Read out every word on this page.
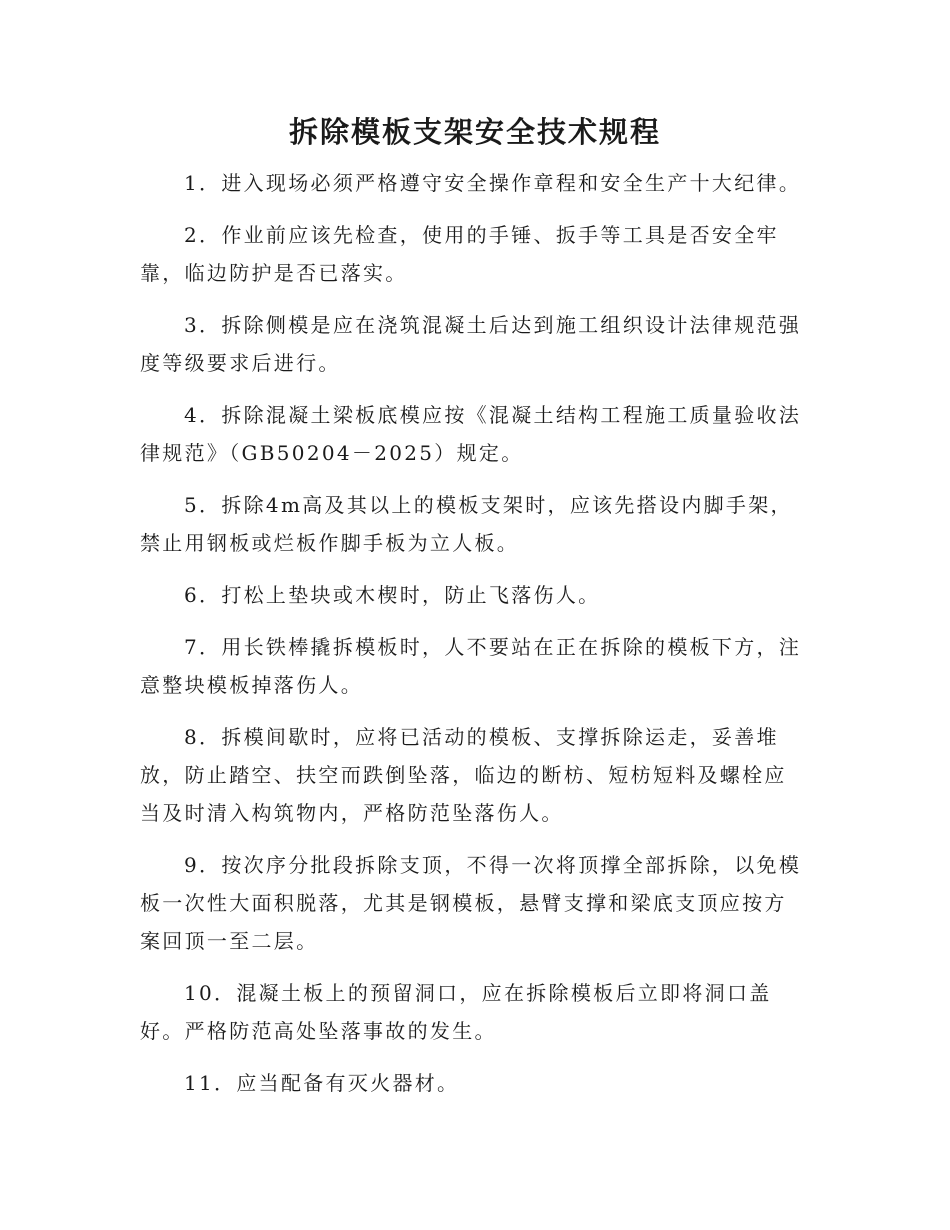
拆除模板支架安全技术规程

1．进入现场必须严格遵守安全操作章程和安全生产十大纪律。

2．作业前应该先检查，使用的手锤、扳手等工具是否安全牢靠，临边防护是否已落实。

3．拆除侧模是应在浇筑混凝土后达到施工组织设计法律规范强度等级要求后进行。

4．拆除混凝土梁板底模应按《混凝土结构工程施工质量验收法律规范》（GB50204－2025）规定。

5．拆除4m高及其以上的模板支架时，应该先搭设内脚手架，禁止用钢板或烂板作脚手板为立人板。

6．打松上垫块或木楔时，防止飞落伤人。

7．用长铁棒撬拆模板时，人不要站在正在拆除的模板下方，注意整块模板掉落伤人。

8．拆模间歇时，应将已活动的模板、支撑拆除运走，妥善堆放，防止踏空、扶空而跌倒坠落，临边的断枋、短枋短料及螺栓应当及时清入构筑物内，严格防范坠落伤人。

9．按次序分批段拆除支顶，不得一次将顶撑全部拆除，以免模板一次性大面积脱落，尤其是钢模板，悬臂支撑和梁底支顶应按方案回顶一至二层。

10．混凝土板上的预留洞口，应在拆除模板后立即将洞口盖好。严格防范高处坠落事故的发生。

11．应当配备有灭火器材。
